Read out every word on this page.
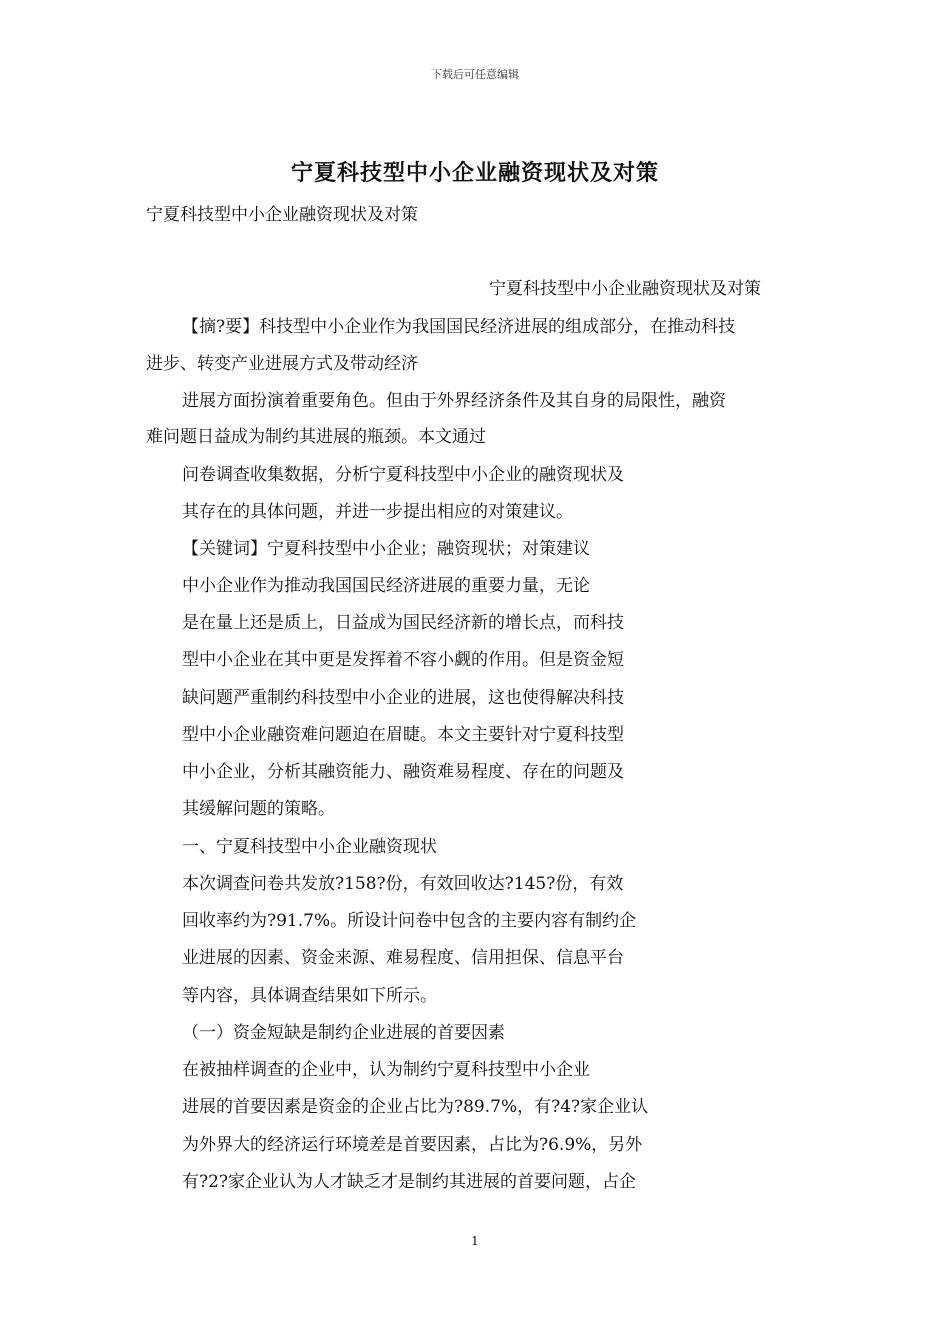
下载后可任意编辑
宁夏科技型中小企业融资现状及对策
宁夏科技型中小企业融资现状及对策
宁夏科技型中小企业融资现状及对策
【摘?要】科技型中小企业作为我国国民经济进展的组成部分，在推动科技
进步、转变产业进展方式及带动经济
进展方面扮演着重要角色。但由于外界经济条件及其自身的局限性，融资
难问题日益成为制约其进展的瓶颈。本文通过
问卷调查收集数据，分析宁夏科技型中小企业的融资现状及
其存在的具体问题，并进一步提出相应的对策建议。
【关键词】宁夏科技型中小企业；融资现状；对策建议
中小企业作为推动我国国民经济进展的重要力量，无论
是在量上还是质上，日益成为国民经济新的增长点，而科技
型中小企业在其中更是发挥着不容小觑的作用。但是资金短
缺问题严重制约科技型中小企业的进展，这也使得解决科技
型中小企业融资难问题迫在眉睫。本文主要针对宁夏科技型
中小企业，分析其融资能力、融资难易程度、存在的问题及
其缓解问题的策略。
一、宁夏科技型中小企业融资现状
本次调查问卷共发放?158?份，有效回收达?145?份，有效
回收率约为?91.7%。所设计问卷中包含的主要内容有制约企
业进展的因素、资金来源、难易程度、信用担保、信息平台
等内容，具体调查结果如下所示。
（一）资金短缺是制约企业进展的首要因素
在被抽样调查的企业中，认为制约宁夏科技型中小企业
进展的首要因素是资金的企业占比为?89.7%，有?4?家企业认
为外界大的经济运行环境差是首要因素，占比为?6.9%，另外
有?2?家企业认为人才缺乏才是制约其进展的首要问题，占企
1
